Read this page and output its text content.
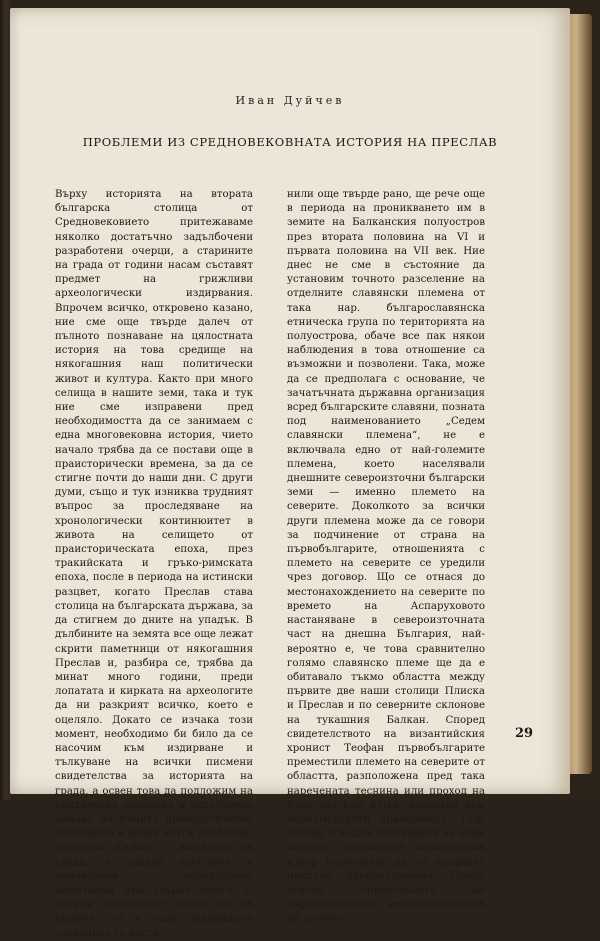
Иван Дуйчев
ПРОБЛЕМИ ИЗ СРЕДНОВЕКОВНАТА ИСТОРИЯ НА ПРЕСЛАВ

Върху историята на втората българска столица от Средновековието притежаваме няколко достатъчно задълбочени разработени очерци, а старините на града от години насам съставят предмет на грижливи археологически издирвания. Впрочем всичко, откровено казано, ние сме още твърде далеч от пълното познаване на цялостната история на това средище на някогашния наш политически живот и култура. Както при много селища в нашите земи, така и тук ние сме изправени пред необходимостта да се занимаем с една многовековна история, чието начало трябва да се постави още в праисторически времена, за да се стигне почти до наши дни. С други думи, също и тук изниква трудният въпрос за проследяване на хронологически континюитет в живота на селището от праисторическата епоха, през тракийската и гръко-римската епоха, после в периода на истински разцвет, когато Преслав става столица на българската държава, за да стигнем до дните на упадък. В дълбините на земята все още лежат скрити паметници от някогашния Преслав и, разбира се, трябва да минат много години, преди лопатата и кирката на археологите да ни разкрият всичко, което е оцеляло. Докато се изчака този момент, необходимо би било да се насочим към издирване и тълкуване на всички писмени свидетелства за историята на града, а освен това да подложим на критическа преценка и задълбочен анализ наличните археологически паметници и разни други проблеми, свързани изобщо с миналото на града. А такива проблеми и неизяснени заподозрени паметници има твърде много. С голяма вероятност може да се приеме, че в тази покрайнина славяните се наста-

нили още твърде рано, ще рече още в периода на проникването им в земите на Балканския полуостров през втората половина на VI и първата половина на VII век. Ние днес не сме в състояние да установим точното разселение на отделните славянски племена от така нар. българославянска етническа група по територията на полуострова, обаче все пак някои наблюдения в това отношение са възможни и позволени. Така, може да се предполага с основание, че зачатъчната държавна организация всред българските славяни, позната под наименованието „Седем славянски племена“, не е включвала едно от най-големите племена, което населявали днешните североизточни български земи — именно племето на северите. Доколкото за всички други племена може да се говори за подчинение от страна на първобългарите, отношенията с племето на северите се уредили чрез договор. Що се отнася до местонахождението на северите по времето на Аспаруховото настаняване в североизточната част на днешна България, най-вероятно е, че това сравнително голямо славянско племе ще да е обитавало тъкмо областта между първите две наши столици Плиска и Преслав и по северните склонове на тукашния Балкан. Според свидетелството на византийския хронист Теофан първобългарите преместили племето на северите от областта, разположена пред така наречената теснина или проход на Веригава към изток, вероятно към черноморското крайбрежие. Тези твърде оскъдни посочвания на един напълно достоверен византийски извор позволяват да се направят няколко предположения. Преди всичко определянето на първоначалното местонахождение на племето

29
